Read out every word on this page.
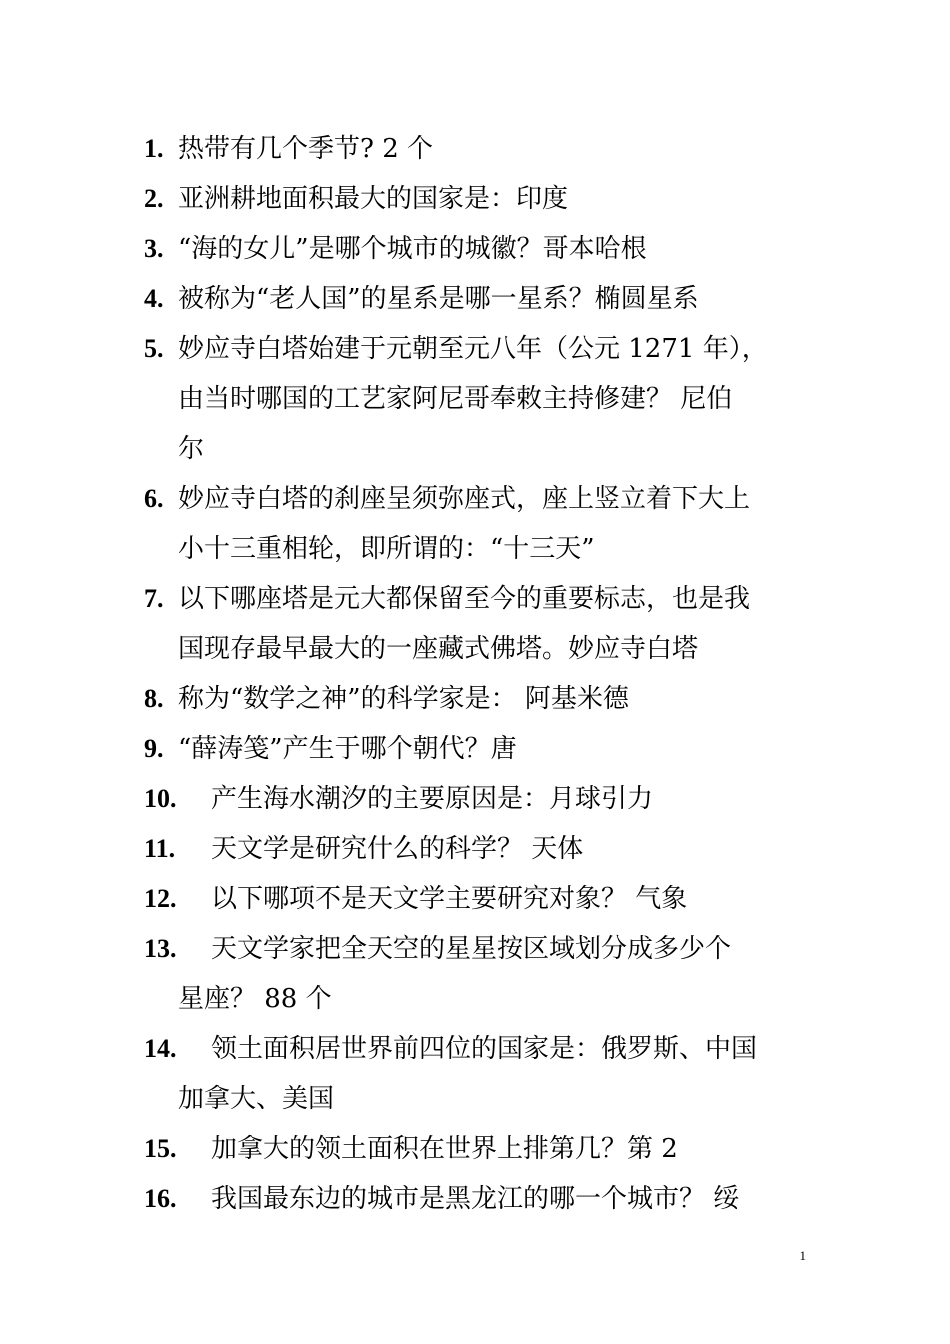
1. 热带有几个季节? 2 个
2. 亚洲耕地面积最大的国家是：印度
3. “海的女儿”是哪个城市的城徽？哥本哈根
4. 被称为“老人国”的星系是哪一星系？椭圆星系
5. 妙应寺白塔始建于元朝至元八年（公元 1271 年），
由当时哪国的工艺家阿尼哥奉敕主持修建？ 尼伯
尔
6. 妙应寺白塔的刹座呈须弥座式，座上竖立着下大上
小十三重相轮，即所谓的：“十三天”
7. 以下哪座塔是元大都保留至今的重要标志，也是我
国现存最早最大的一座藏式佛塔。妙应寺白塔
8. 称为“数学之神”的科学家是： 阿基米德
9. “薛涛笺”产生于哪个朝代？唐
10.	产生海水潮汐的主要原因是：月球引力
11.	天文学是研究什么的科学？ 天体
12.	以下哪项不是天文学主要研究对象？ 气象
13.	天文学家把全天空的星星按区域划分成多少个
星座？ 88 个
14.	领土面积居世界前四位的国家是：俄罗斯、中国
加拿大、美国
15.	加拿大的领土面积在世界上排第几？第 2
16.	我国最东边的城市是黑龙江的哪一个城市？ 绥
1
